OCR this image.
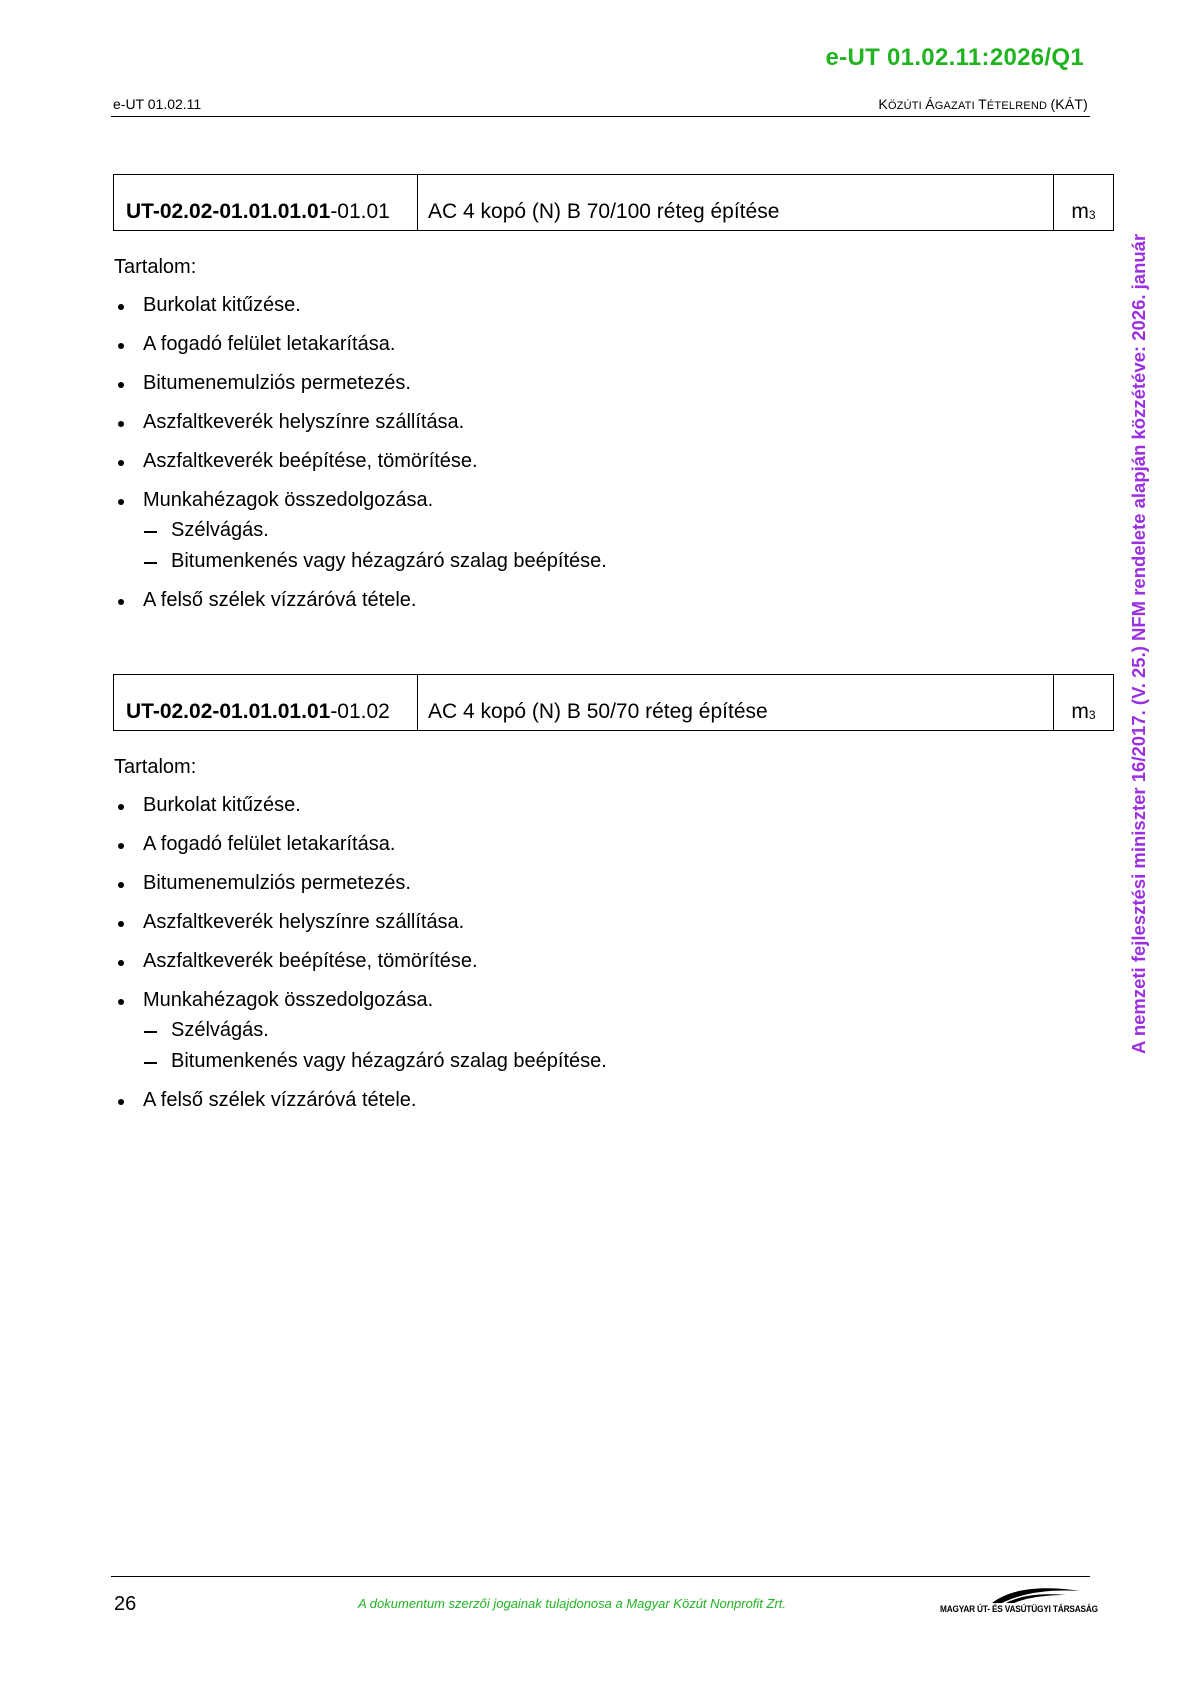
e-UT 01.02.11:2026/Q1
e-UT 01.02.11	KÖZÚTI ÁGAZATI TÉTELREND (KÁT)
A nemzeti fejlesztési miniszter 16/2017. (V. 25.) NFM rendelete alapján közzétéve: 2026. január
UT-02.02-01.01.01.01 -01.01	AC 4 kopó (N) B 70/100 réteg építése	$m^3$

Tartalom:

Burkolat kitűzése.
A fogadó felület letakarítása.
Bitumenemulziós permetezés.
Aszfaltkeverék helyszínre szállítása.
Aszfaltkeverék beépítése, tömörítése.
Munkahézagok összedolgozása.
Szélvágás.
Bitumenkenés vagy hézagzáró szalag beépítése.
A felső szélek vízzáróvá tétele.
UT-02.02-01.01.01.01 -01.02	AC 4 kopó (N) B 50/70 réteg építése	$m^3$

Tartalom:

Burkolat kitűzése.
A fogadó felület letakarítása.
Bitumenemulziós permetezés.
Aszfaltkeverék helyszínre szállítása.
Aszfaltkeverék beépítése, tömörítése.
Munkahézagok összedolgozása.
Szélvágás.
Bitumenkenés vagy hézagzáró szalag beépítése.
A felső szélek vízzáróvá tétele.
26	A dokumentum szerzői jogainak tulajdonosa a Magyar Közút Nonprofit Zrt.	MAGYAR ÚT- ÉS VASÚTÜGYI TÁRSASÁG
